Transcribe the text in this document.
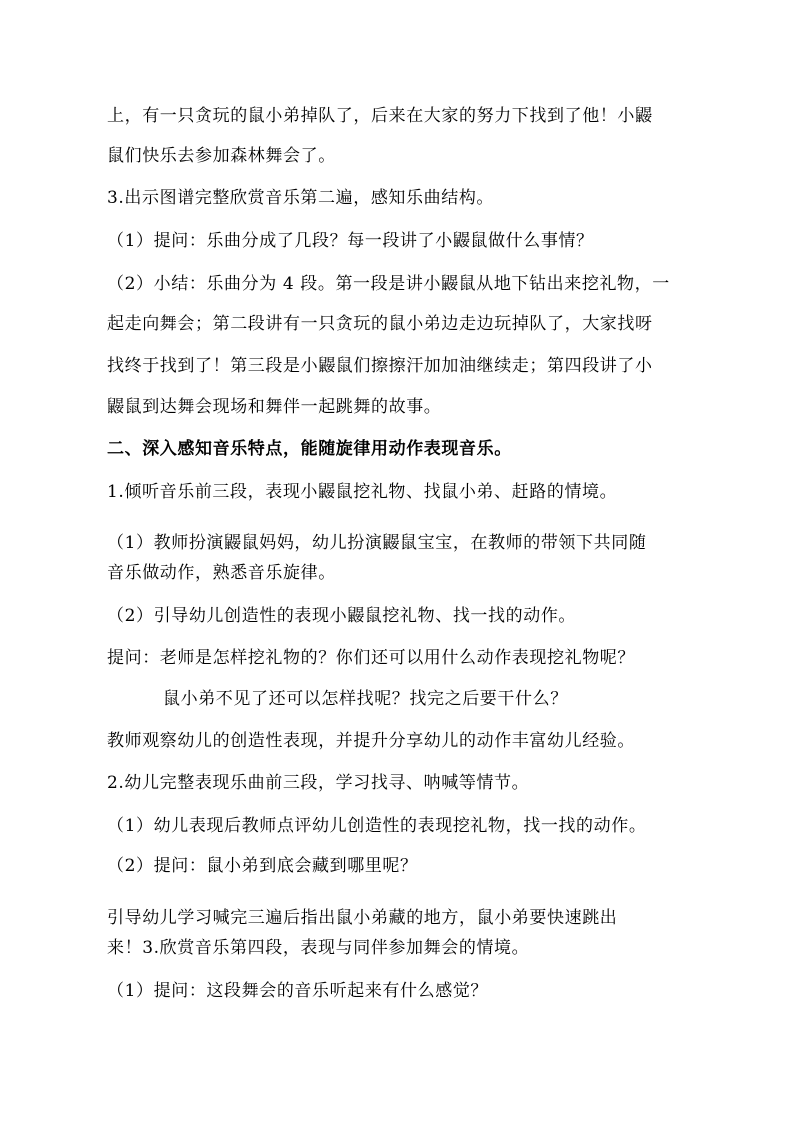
上，有一只贪玩的鼠小弟掉队了，后来在大家的努力下找到了他！小鼹
鼠们快乐去参加森林舞会了。
3.出示图谱完整欣赏音乐第二遍，感知乐曲结构。
（1）提问：乐曲分成了几段？每一段讲了小鼹鼠做什么事情？
（2）小结：乐曲分为 4 段。第一段是讲小鼹鼠从地下钻出来挖礼物，一
起走向舞会；第二段讲有一只贪玩的鼠小弟边走边玩掉队了，大家找呀
找终于找到了！第三段是小鼹鼠们擦擦汗加加油继续走；第四段讲了小
鼹鼠到达舞会现场和舞伴一起跳舞的故事。
二、深入感知音乐特点，能随旋律用动作表现音乐。
1.倾听音乐前三段，表现小鼹鼠挖礼物、找鼠小弟、赶路的情境。
（1）教师扮演鼹鼠妈妈，幼儿扮演鼹鼠宝宝，在教师的带领下共同随
音乐做动作，熟悉音乐旋律。
（2）引导幼儿创造性的表现小鼹鼠挖礼物、找一找的动作。
提问：老师是怎样挖礼物的？你们还可以用什么动作表现挖礼物呢？
鼠小弟不见了还可以怎样找呢？找完之后要干什么？
教师观察幼儿的创造性表现，并提升分享幼儿的动作丰富幼儿经验。
2.幼儿完整表现乐曲前三段，学习找寻、呐喊等情节。
（1）幼儿表现后教师点评幼儿创造性的表现挖礼物，找一找的动作。
（2）提问：鼠小弟到底会藏到哪里呢？
引导幼儿学习喊完三遍后指出鼠小弟藏的地方，鼠小弟要快速跳出
来！3.欣赏音乐第四段，表现与同伴参加舞会的情境。
（1）提问：这段舞会的音乐听起来有什么感觉？
